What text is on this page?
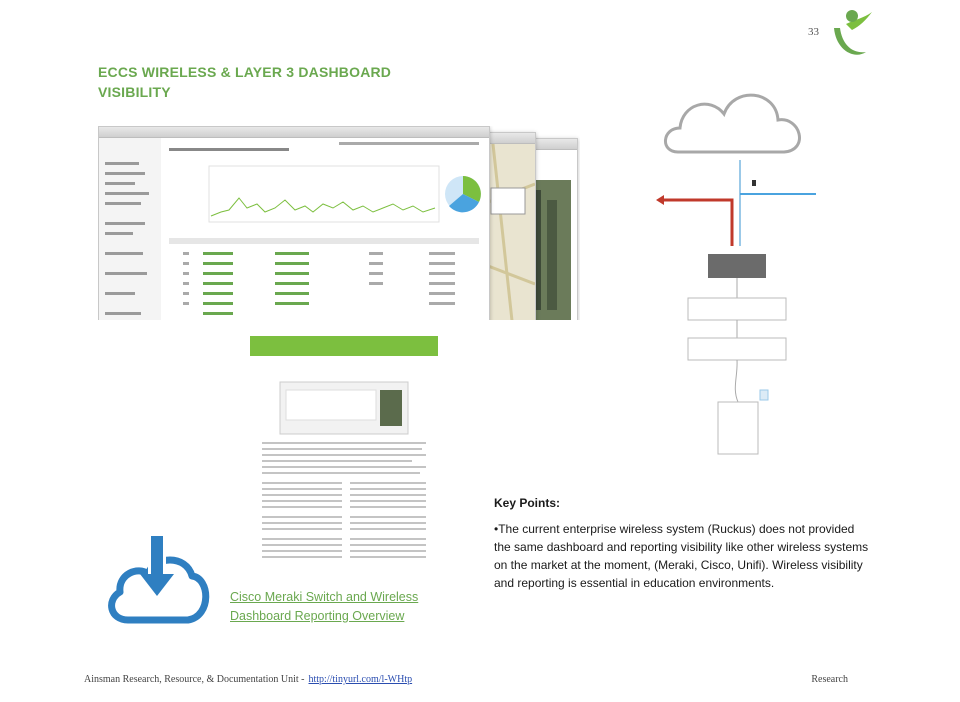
ECCS WIRELESS & LAYER 3 DASHBOARD
VISIBILITY
33
Cisco Meraki Switch and Wireless
Dashboard Reporting Overview
Key Points:
•The current enterprise wireless system (Ruckus) does not provided the same dashboard and reporting visibility like other wireless systems on the market at the moment, (Meraki, Cisco, Unifi). Wireless visibility and reporting is essential in education environments.
Ainsman Research, Resource, & Documentation Unit - http://tinyurl.com/l-WHtp	Research
